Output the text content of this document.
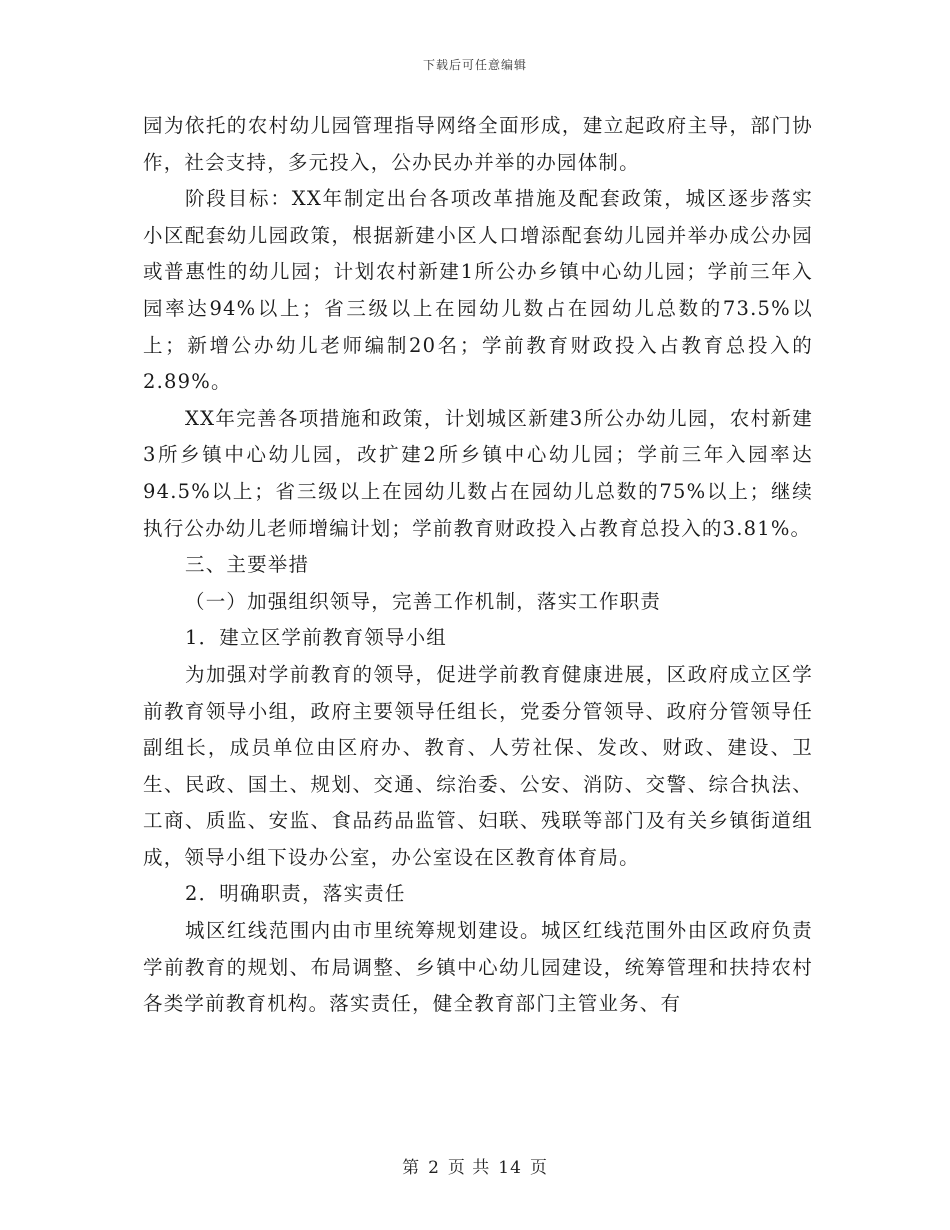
下载后可任意编辑

园为依托的农村幼儿园管理指导网络全面形成，建立起政府主导，部门协作，社会支持，多元投入，公办民办并举的办园体制。

阶段目标：XX年制定出台各项改革措施及配套政策，城区逐步落实小区配套幼儿园政策，根据新建小区人口增添配套幼儿园并举办成公办园或普惠性的幼儿园；计划农村新建1所公办乡镇中心幼儿园；学前三年入园率达94%以上；省三级以上在园幼儿数占在园幼儿总数的73.5%以上；新增公办幼儿老师编制20名；学前教育财政投入占教育总投入的2.89%。

XX年完善各项措施和政策，计划城区新建3所公办幼儿园，农村新建3所乡镇中心幼儿园，改扩建2所乡镇中心幼儿园；学前三年入园率达94.5%以上；省三级以上在园幼儿数占在园幼儿总数的75%以上；继续执行公办幼儿老师增编计划；学前教育财政投入占教育总投入的3.81%。

三、主要举措

（一）加强组织领导，完善工作机制，落实工作职责

1．建立区学前教育领导小组

为加强对学前教育的领导，促进学前教育健康进展，区政府成立区学前教育领导小组，政府主要领导任组长，党委分管领导、政府分管领导任副组长，成员单位由区府办、教育、人劳社保、发改、财政、建设、卫生、民政、国土、规划、交通、综治委、公安、消防、交警、综合执法、工商、质监、安监、食品药品监管、妇联、残联等部门及有关乡镇街道组成，领导小组下设办公室，办公室设在区教育体育局。

2．明确职责，落实责任

城区红线范围内由市里统筹规划建设。城区红线范围外由区政府负责学前教育的规划、布局调整、乡镇中心幼儿园建设，统筹管理和扶持农村各类学前教育机构。落实责任，健全教育部门主管业务、有

第 2 页 共 14 页
